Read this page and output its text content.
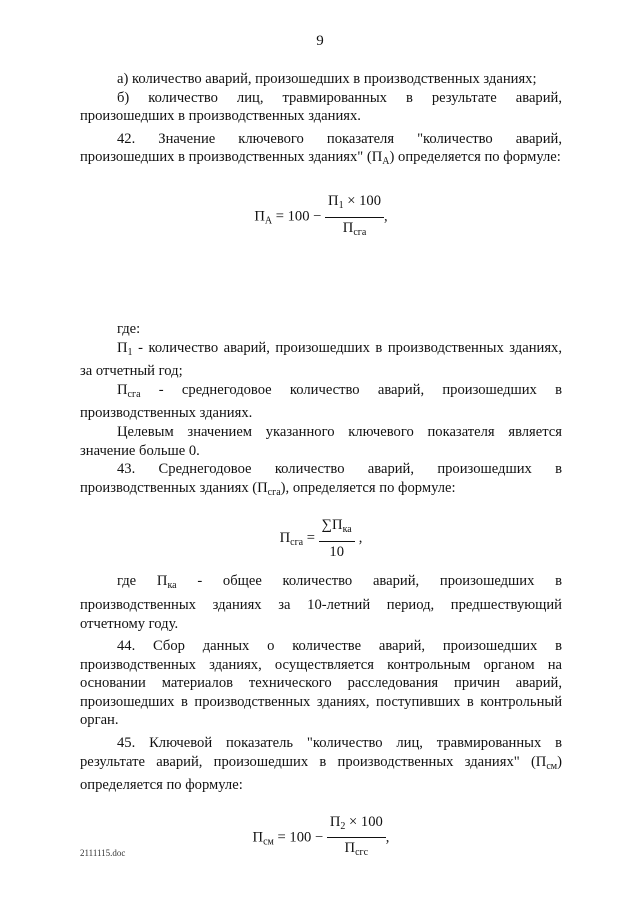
9

а) количество аварий, произошедших в производственных зданиях;

б) количество лиц, травмированных в результате аварий, произошедших в производственных зданиях.

42. Значение ключевого показателя "количество аварий, произошедших в производственных зданиях" $(П_А)$ определяется по формуле:

$П_А = 100 - \frac{П_1 \times 100}{П_{сга}}$ ,

где:

$П_1$ - количество аварий, произошедших в производственных зданиях, за отчетный год;

$П_{сга}$ - среднегодовое количество аварий, произошедших в производственных зданиях.

Целевым значением указанного ключевого показателя является значение больше 0.

43. Среднегодовое количество аварий, произошедших в производственных зданиях $(П_{сга})$, определяется по формуле:

$П_{сга} = \frac{\sum П_{ка}}{10}$ ,

где $П_{ка}$ - общее количество аварий, произошедших в производственных зданиях за 10-летний период, предшествующий отчетному году.

44. Сбор данных о количестве аварий, произошедших в производственных зданиях, осуществляется контрольным органом на основании материалов технического расследования причин аварий, произошедших в производственных зданиях, поступивших в контрольный орган.

45. Ключевой показатель "количество лиц, травмированных в результате аварий, произошедших в производственных зданиях" $(П_{см})$ определяется по формуле:

$П_{см} = 100 - \frac{П_2 \times 100}{П_{сгс}}$ ,
2111115.doc
